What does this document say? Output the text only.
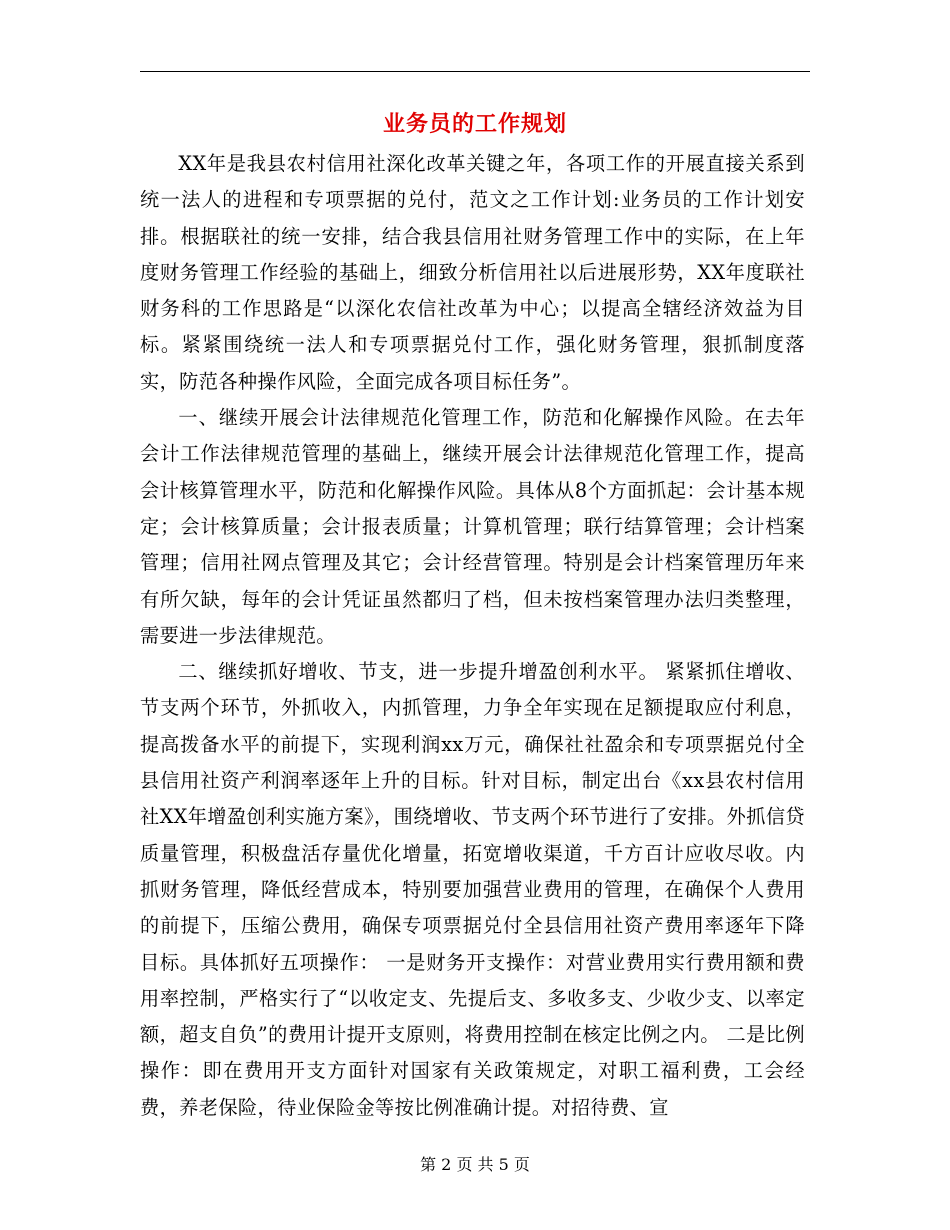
业务员的工作规划

XX年是我县农村信用社深化改革关键之年，各项工作的开展直接关系到统一法人的进程和专项票据的兑付，范文之工作计划:业务员的工作计划安排。根据联社的统一安排，结合我县信用社财务管理工作中的实际，在上年度财务管理工作经验的基础上，细致分析信用社以后进展形势，XX年度联社财务科的工作思路是“以深化农信社改革为中心；以提高全辖经济效益为目标。紧紧围绕统一法人和专项票据兑付工作，强化财务管理，狠抓制度落实，防范各种操作风险，全面完成各项目标任务”。

一、继续开展会计法律规范化管理工作，防范和化解操作风险。在去年会计工作法律规范管理的基础上，继续开展会计法律规范化管理工作，提高会计核算管理水平，防范和化解操作风险。具体从8个方面抓起：会计基本规定；会计核算质量；会计报表质量；计算机管理；联行结算管理；会计档案管理；信用社网点管理及其它；会计经营管理。特别是会计档案管理历年来有所欠缺，每年的会计凭证虽然都归了档，但未按档案管理办法归类整理，需要进一步法律规范。

二、继续抓好增收、节支，进一步提升增盈创利水平。 紧紧抓住增收、节支两个环节，外抓收入，内抓管理，力争全年实现在足额提取应付利息，提高拨备水平的前提下，实现利润xx万元，确保社社盈余和专项票据兑付全县信用社资产利润率逐年上升的目标。针对目标，制定出台《xx县农村信用社XX年增盈创利实施方案》，围绕增收、节支两个环节进行了安排。外抓信贷质量管理，积极盘活存量优化增量，拓宽增收渠道，千方百计应收尽收。内抓财务管理，降低经营成本，特别要加强营业费用的管理，在确保个人费用的前提下，压缩公费用，确保专项票据兑付全县信用社资产费用率逐年下降目标。具体抓好五项操作： 一是财务开支操作：对营业费用实行费用额和费用率控制，严格实行了“以收定支、先提后支、多收多支、少收少支、以率定额，超支自负”的费用计提开支原则，将费用控制在核定比例之内。 二是比例操作：即在费用开支方面针对国家有关政策规定，对职工福利费，工会经费，养老保险，待业保险金等按比例准确计提。对招待费、宣

第 2 页 共 5 页
